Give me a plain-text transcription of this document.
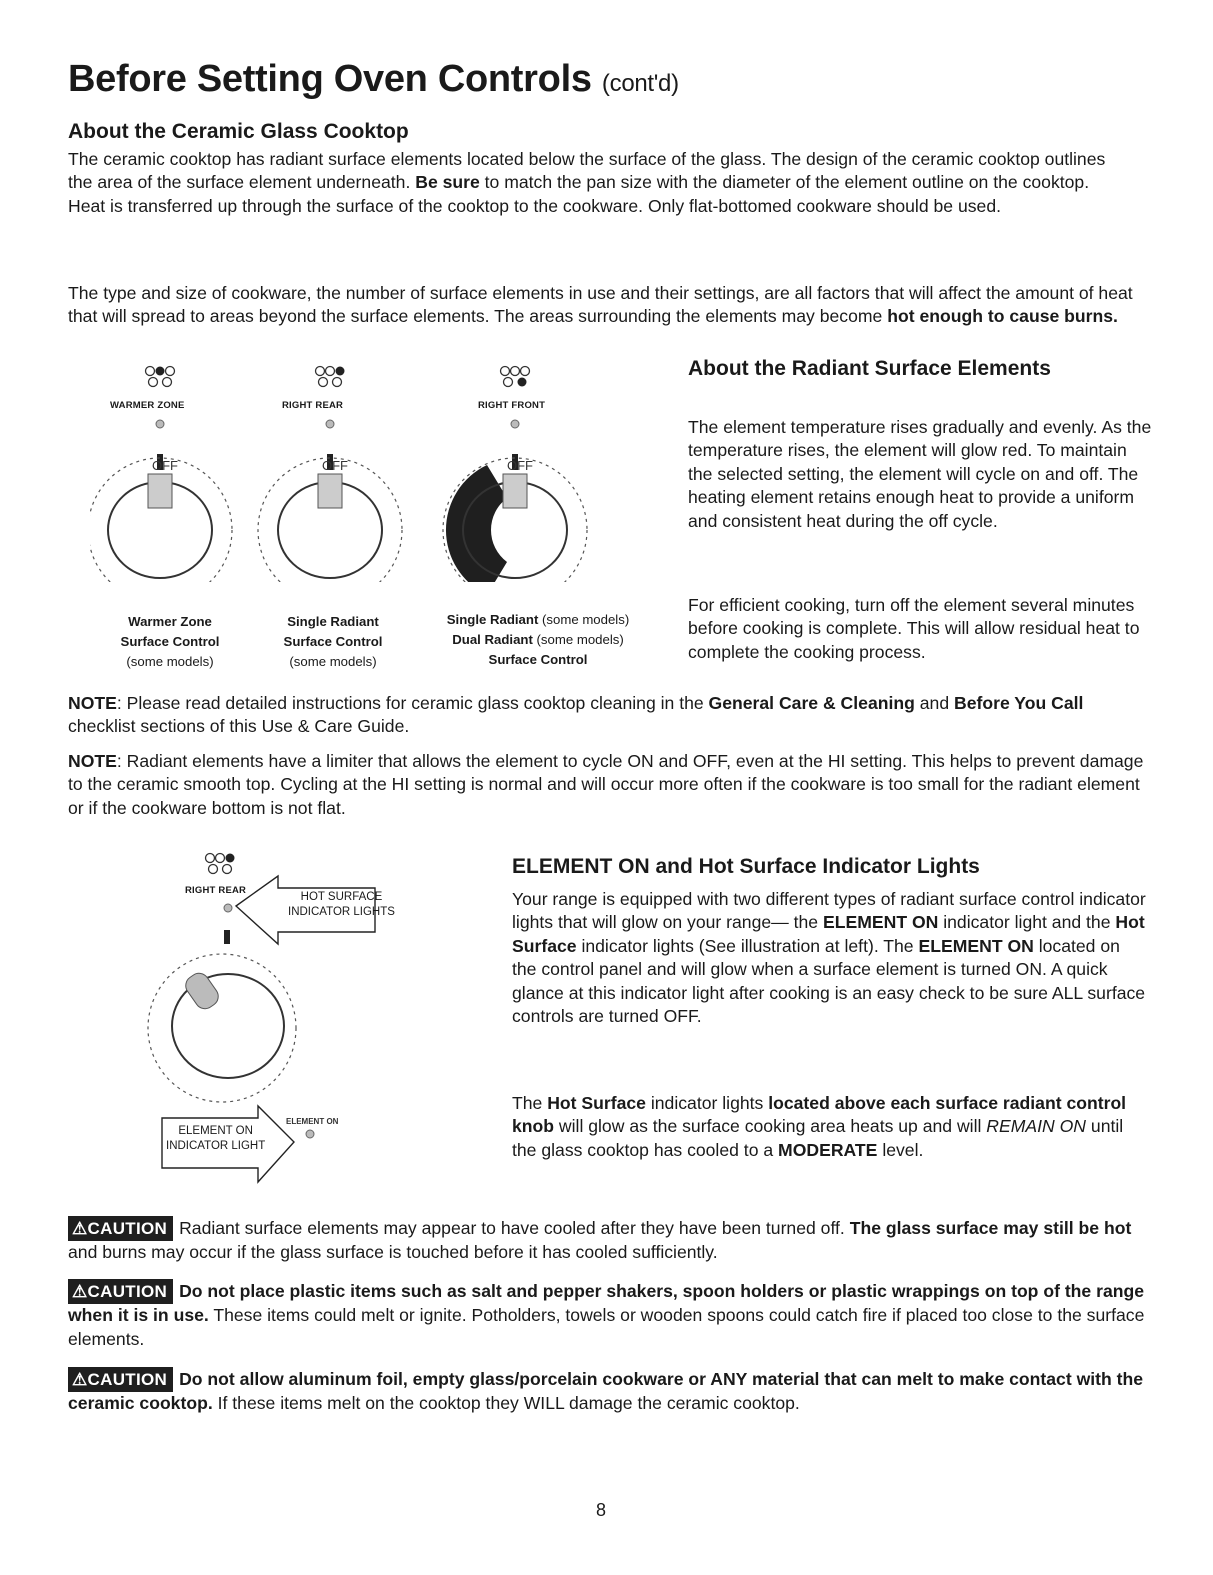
Before Setting Oven Controls (cont'd)
About the Ceramic Glass Cooktop
The ceramic cooktop has radiant surface elements located below the surface of the glass. The design of the ceramic cooktop outlines the area of the surface element underneath. Be sure to match the pan size with the diameter of the element outline on the cooktop. Heat is transferred up through the surface of the cooktop to the cookware. Only flat-bottomed cookware should be used.
The type and size of cookware, the number of surface elements in use and their settings, are all factors that will affect the amount of heat that will spread to areas beyond the surface elements. The areas surrounding the elements may become hot enough to cause burns.
OFF	OFF	OFF
WARMER ZONE	RIGHT REAR	RIGHT FRONT
Warmer Zone
Surface Control
(some models)
Single Radiant
Surface Control
(some models)
Single Radiant (some models)
Dual Radiant (some models)
Surface Control
About the Radiant Surface Elements
The element temperature rises gradually and evenly. As the temperature rises, the element will glow red. To maintain the selected setting, the element will cycle on and off. The heating element retains enough heat to provide a uniform and consistent heat during the off cycle.
For efficient cooking, turn off the element several minutes before cooking is complete. This will allow residual heat to complete the cooking process.
NOTE: Please read detailed instructions for ceramic glass cooktop cleaning in the General Care & Cleaning and Before You Call checklist sections of this Use & Care Guide.
NOTE: Radiant elements have a limiter that allows the element to cycle ON and OFF, even at the HI setting. This helps to prevent damage to the ceramic smooth top. Cycling at the HI setting is normal and will occur more often if the cookware is too small for the radiant element or if the cookware bottom is not flat.
ELEMENT ON
RIGHT REAR
HOT SURFACE
INDICATOR LIGHTS
ELEMENT ON
INDICATOR LIGHT
ELEMENT ON and Hot Surface Indicator Lights
Your range is equipped with two different types of radiant surface control indicator lights that will glow on your range— the ELEMENT ON indicator light and the Hot Surface indicator lights (See illustration at left). The ELEMENT ON located on the control panel and will glow when a surface element is turned ON. A quick glance at this indicator light after cooking is an easy check to be sure ALL surface controls are turned OFF.
The Hot Surface indicator lights located above each surface radiant control knob will glow as the surface cooking area heats up and will REMAIN ON until the glass cooktop has cooled to a MODERATE level.
⚠CAUTION Radiant surface elements may appear to have cooled after they have been turned off. The glass surface may still be hot and burns may occur if the glass surface is touched before it has cooled sufficiently.
⚠CAUTION Do not place plastic items such as salt and pepper shakers, spoon holders or plastic wrappings on top of the range when it is in use. These items could melt or ignite. Potholders, towels or wooden spoons could catch fire if placed too close to the surface elements.
⚠CAUTION Do not allow aluminum foil, empty glass/porcelain cookware or ANY material that can melt to make contact with the ceramic cooktop. If these items melt on the cooktop they WILL damage the ceramic cooktop.
8
